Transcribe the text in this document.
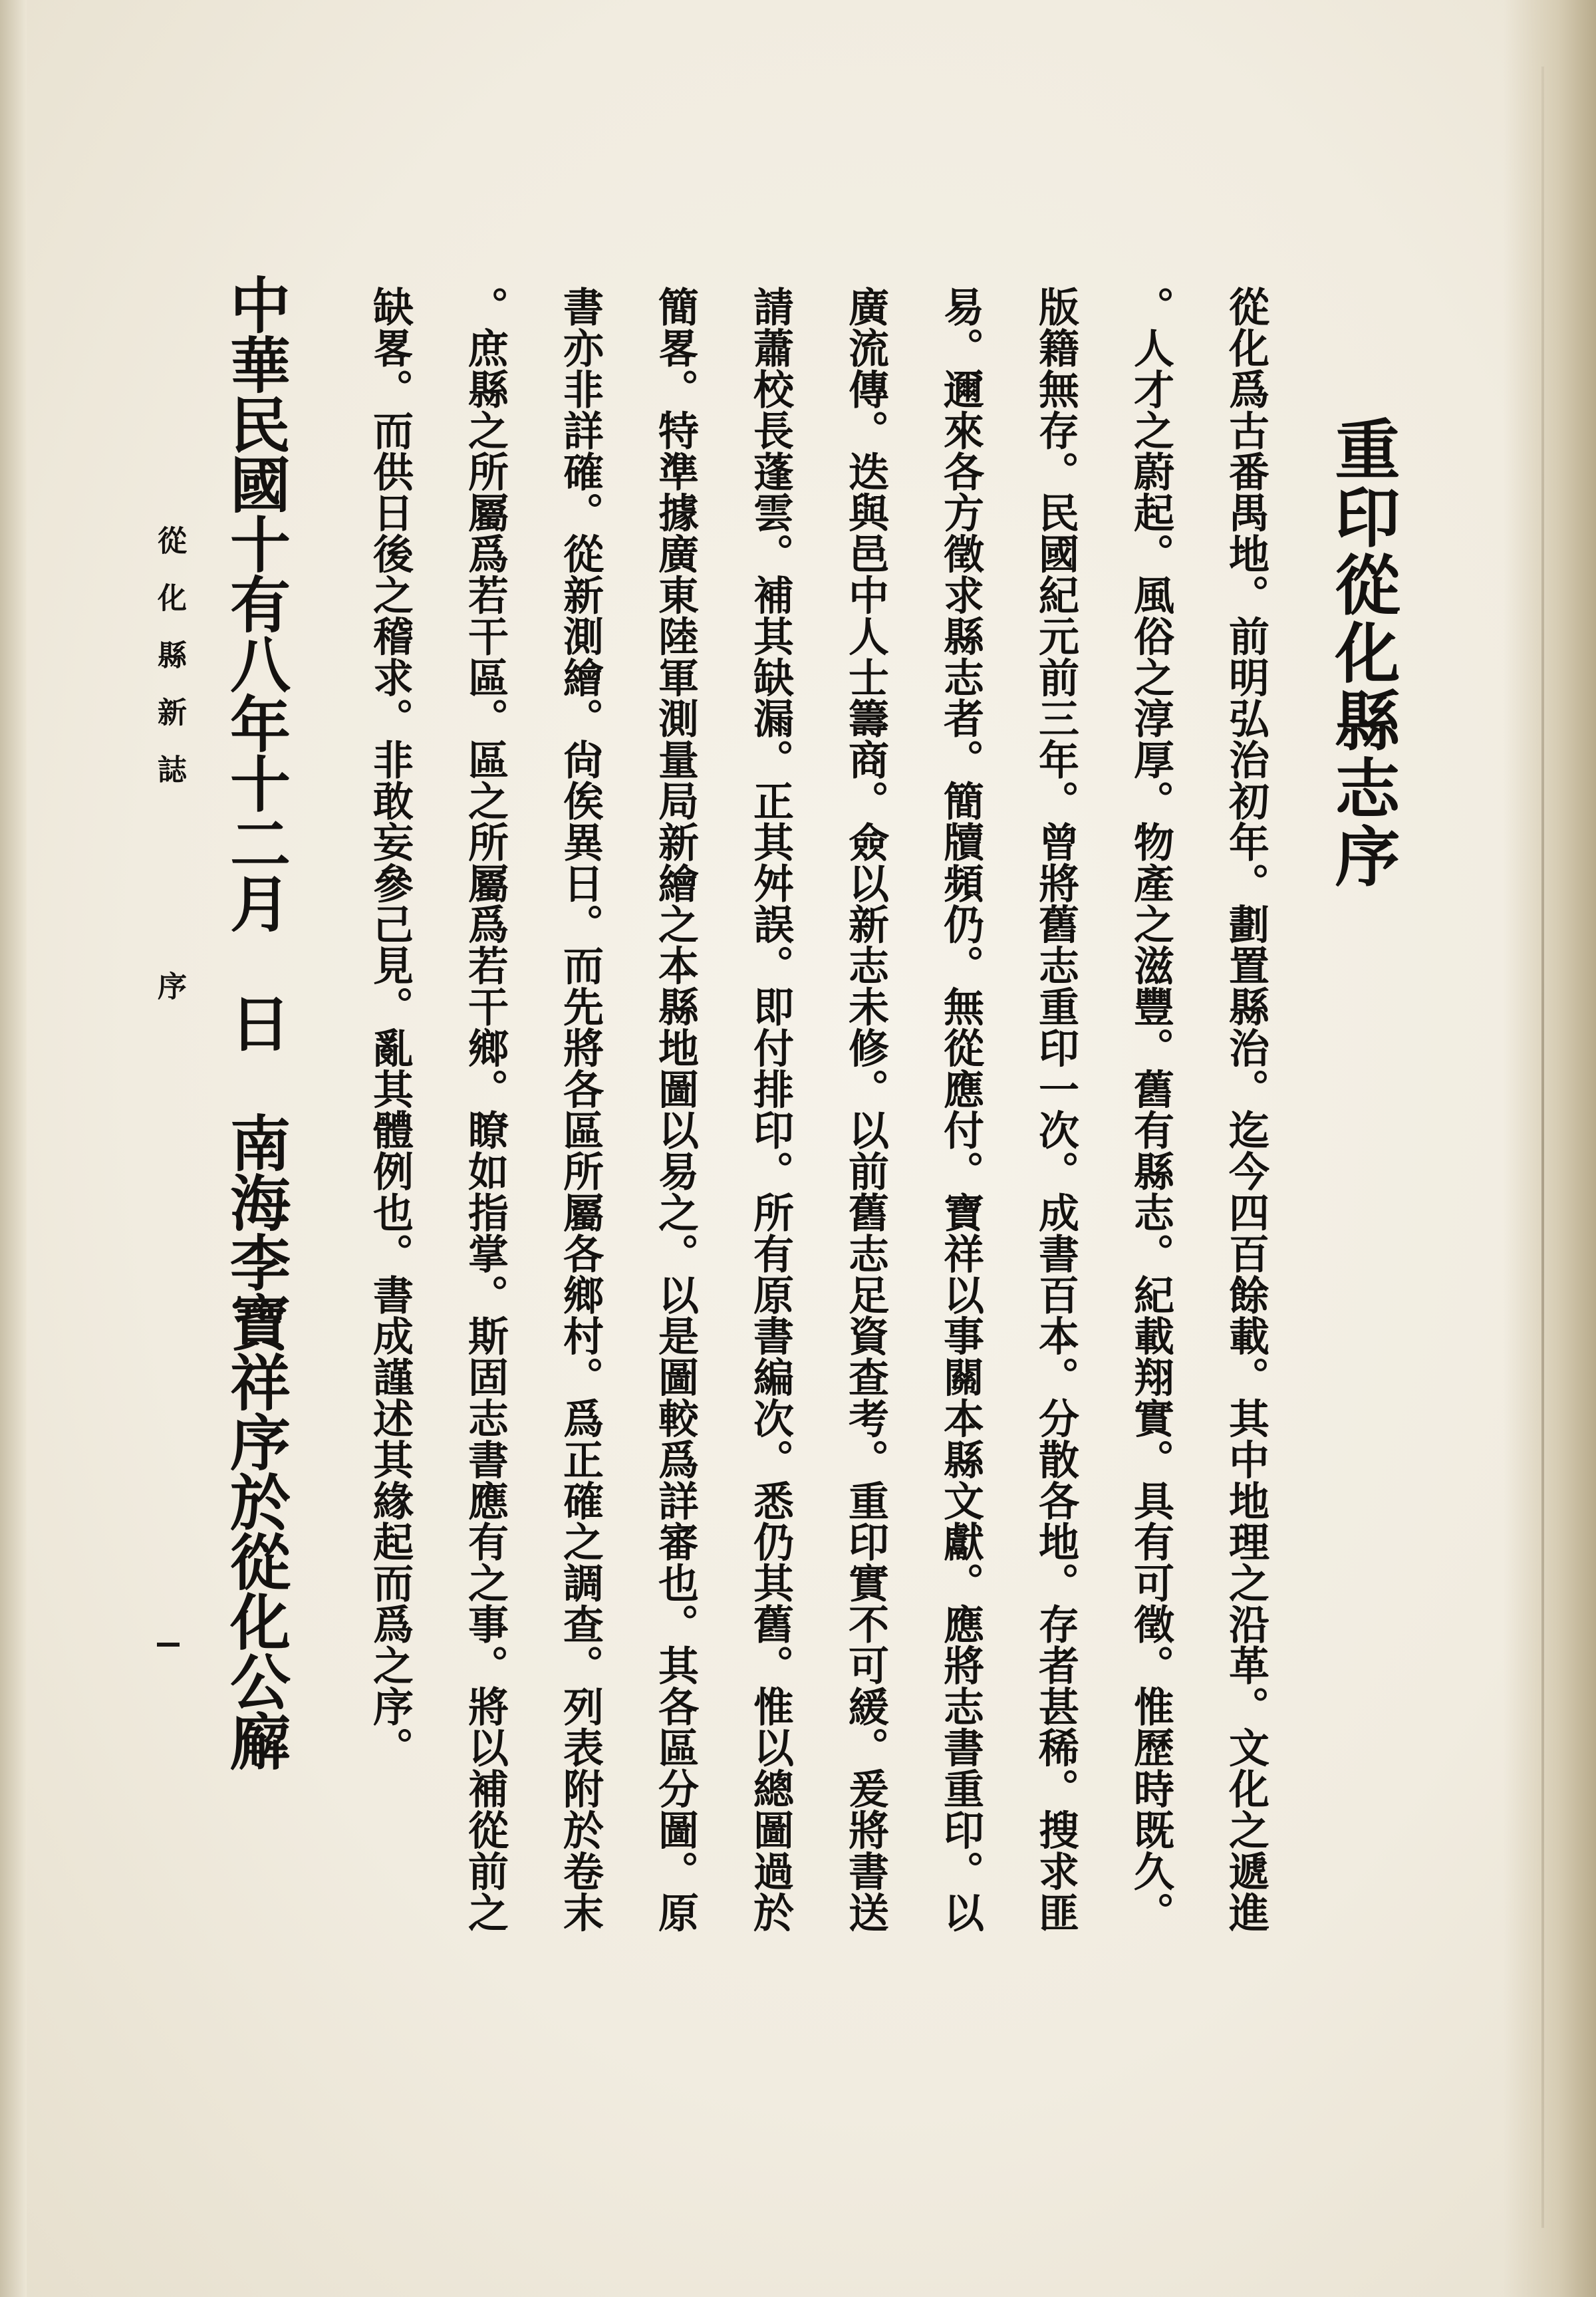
重印從化縣志序
從化爲古番禺地。前明弘治初年。劃置縣治。迄今四百餘載。其中地理之沿革。文化之遞進
。人才之蔚起。風俗之淳厚。物產之滋豐。舊有縣志。紀載翔實。具有可徵。惟歷時既久。
版籍無存。民國紀元前三年。曾將舊志重印一次。成書百本。分散各地。存者甚稀。搜求匪
易。邇來各方徵求縣志者。簡牘頻仍。無從應付。寶祥以事關本縣文獻。應將志書重印。以
廣流傳。迭與邑中人士籌商。僉以新志未修。以前舊志足資查考。重印實不可緩。爰將書送
請蕭校長蓬雲。補其缺漏。正其舛誤。即付排印。所有原書編次。悉仍其舊。惟以總圖過於
簡畧。特準據廣東陸軍測量局新繪之本縣地圖以易之。以是圖較爲詳審也。其各區分圖。原
書亦非詳確。從新測繪。尙俟異日。而先將各區所屬各鄉村。爲正確之調查。列表附於卷末
。庶縣之所屬爲若干區。區之所屬爲若干鄉。瞭如指掌。斯固志書應有之事。將以補從前之
缺畧。而供日後之稽求。非敢妄參己見。亂其體例也。書成謹述其緣起而爲之序。
中華民國十有八年十二月　日　南海李寶祥序於從化公廨
從化縣新誌
序
